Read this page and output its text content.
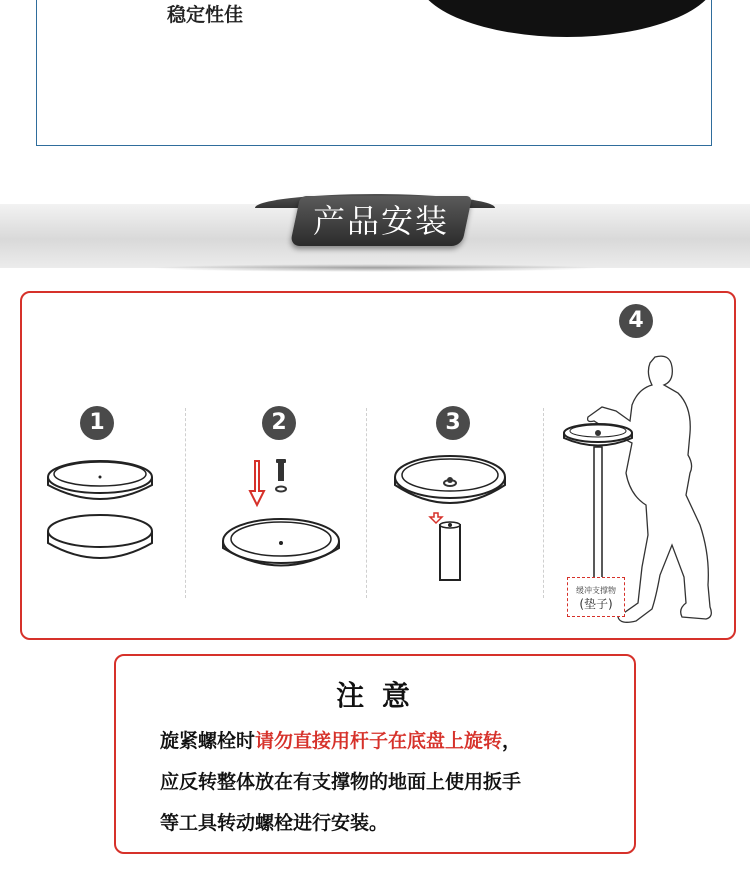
稳定性佳
产品安装
1	2	3
4
缓冲支撑物
(垫子)
注 意
旋紧螺栓时请勿直接用杆子在底盘上旋转，
应反转整体放在有支撑物的地面上使用扳手
等工具转动螺栓进行安装。
